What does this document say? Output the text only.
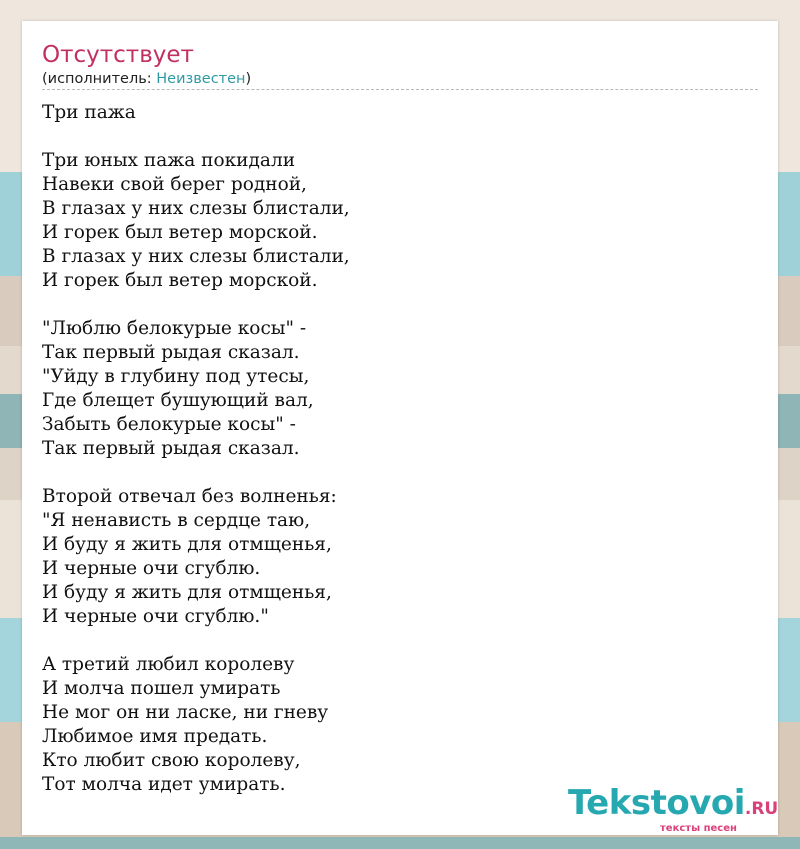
Отсутствует
(исполнитель: Неизвестен)
Три пажа

Три юных пажа покидали
Навеки свой берег родной,
В глазах у них слезы блистали,
И горек был ветер морской.
В глазах у них слезы блистали,
И горек был ветер морской.

"Люблю белокурые косы" -
Так первый рыдая сказал.
"Уйду в глубину под утесы,
Где блещет бушующий вал,
Забыть белокурые косы" -
Так первый рыдая сказал.

Второй отвечал без волненья:
"Я ненависть в сердце таю,
И буду я жить для отмщенья,
И черные очи сгублю.
И буду я жить для отмщенья,
И черные очи сгублю."

А третий любил королеву
И молча пошел умирать
Не мог он ни ласке, ни гневу
Любимое имя предать.
Кто любит свою королеву,
Тот молча идет умирать.	Tekstovoi.RU
тексты песен
